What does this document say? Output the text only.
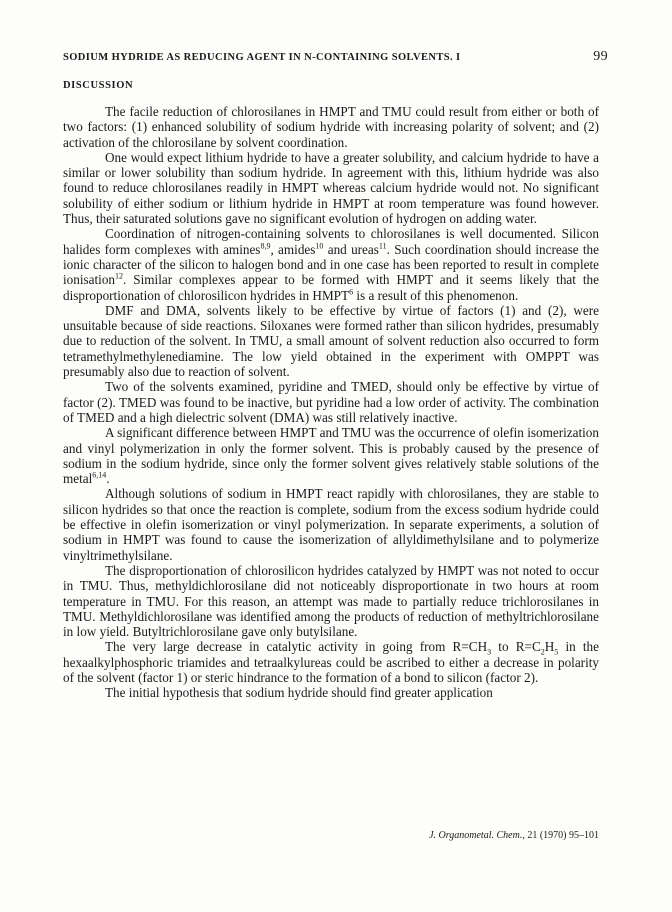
SODIUM HYDRIDE AS REDUCING AGENT IN N-CONTAINING SOLVENTS. I	99
DISCUSSION

The facile reduction of chlorosilanes in HMPT and TMU could result from either or both of two factors: (1) enhanced solubility of sodium hydride with increasing polarity of solvent; and (2) activation of the chlorosilane by solvent coordination.

One would expect lithium hydride to have a greater solubility, and calcium hydride to have a similar or lower solubility than sodium hydride. In agreement with this, lithium hydride was also found to reduce chlorosilanes readily in HMPT whereas calcium hydride would not. No significant solubility of either sodium or lithium hydride in HMPT at room temperature was found however. Thus, their saturated solutions gave no significant evolution of hydrogen on adding water.

Coordination of nitrogen-containing solvents to chlorosilanes is well documented. Silicon halides form complexes with amines$^{8,9}$, amides$^{10}$ and ureas$^{11}$. Such coordination should increase the ionic character of the silicon to halogen bond and in one case has been reported to result in complete ionisation$^{12}$. Similar complexes appear to be formed with HMPT and it seems likely that the disproportionation of chlorosilicon hydrides in HMPT$^6$ is a result of this phenomenon.

DMF and DMA, solvents likely to be effective by virtue of factors (1) and (2), were unsuitable because of side reactions. Siloxanes were formed rather than silicon hydrides, presumably due to reduction of the solvent. In TMU, a small amount of solvent reduction also occurred to form tetramethylmethylenediamine. The low yield obtained in the experiment with OMPPT was presumably also due to reaction of solvent.

Two of the solvents examined, pyridine and TMED, should only be effective by virtue of factor (2). TMED was found to be inactive, but pyridine had a low order of activity. The combination of TMED and a high dielectric solvent (DMA) was still relatively inactive.

A significant difference between HMPT and TMU was the occurrence of olefin isomerization and vinyl polymerization in only the former solvent. This is probably caused by the presence of sodium in the sodium hydride, since only the former solvent gives relatively stable solutions of the metal$^{6,14}$.

Although solutions of sodium in HMPT react rapidly with chlorosilanes, they are stable to silicon hydrides so that once the reaction is complete, sodium from the excess sodium hydride could be effective in olefin isomerization or vinyl polymerization. In separate experiments, a solution of sodium in HMPT was found to cause the isomerization of allyldimethylsilane and to polymerize vinyltrimethylsilane.

The disproportionation of chlorosilicon hydrides catalyzed by HMPT was not noted to occur in TMU. Thus, methyldichlorosilane did not noticeably disproportionate in two hours at room temperature in TMU. For this reason, an attempt was made to partially reduce trichlorosilanes in TMU. Methyldichlorosilane was identified among the products of reduction of methyltrichlorosilane in low yield. Butyltrichlorosilane gave only butylsilane.

The very large decrease in catalytic activity in going from $R=CH_3$ to $R=C_2H_5$ in the hexaalkylphosphoric triamides and tetraalkylureas could be ascribed to either a decrease in polarity of the solvent (factor 1) or steric hindrance to the formation of a bond to silicon (factor 2).

The initial hypothesis that sodium hydride should find greater application

J. Organometal. Chem., 21 (1970) 95–101
